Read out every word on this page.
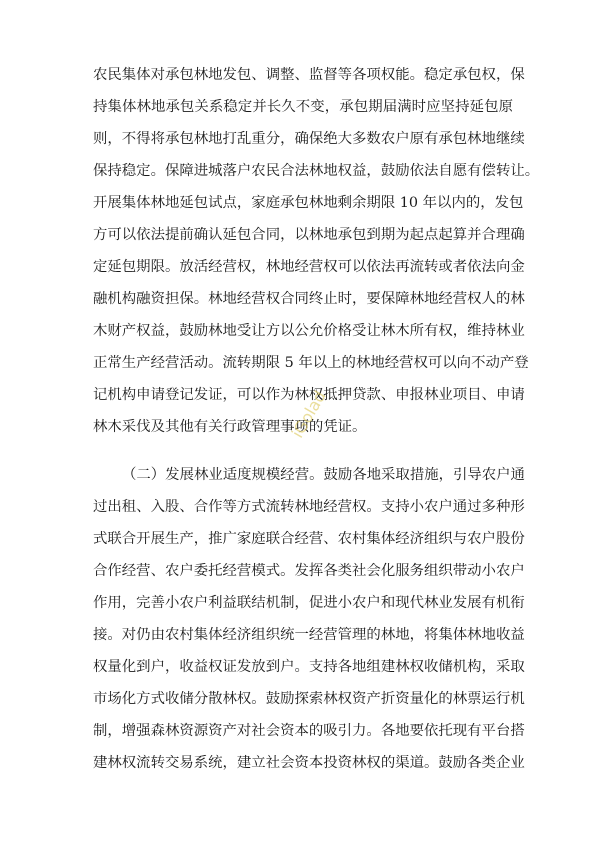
农民集体对承包林地发包、调整、监督等各项权能。稳定承包权，保
持集体林地承包关系稳定并长久不变，承包期届满时应坚持延包原
则，不得将承包林地打乱重分，确保绝大多数农户原有承包林地继续
保持稳定。保障进城落户农民合法林地权益，鼓励依法自愿有偿转让。
开展集体林地延包试点，家庭承包林地剩余期限 10 年以内的，发包
方可以依法提前确认延包合同，以林地承包到期为起点起算并合理确
定延包期限。放活经营权，林地经营权可以依法再流转或者依法向金
融机构融资担保。林地经营权合同终止时，要保障林地经营权人的林
木财产权益，鼓励林地受让方以公允价格受让林木所有权，维持林业
正常生产经营活动。流转期限 5 年以上的林地经营权可以向不动产登
记机构申请登记发证，可以作为林权抵押贷款、申报林业项目、申请
林木采伐及其他有关行政管理事项的凭证。
（二）发展林业适度规模经营。鼓励各地采取措施，引导农户通
过出租、入股、合作等方式流转林地经营权。支持小农户通过多种形
式联合开展生产，推广家庭联合经营、农村集体经济组织与农户股份
合作经营、农户委托经营模式。发挥各类社会化服务组织带动小农户
作用，完善小农户利益联结机制，促进小农户和现代林业发展有机衔
接。对仍由农村集体经济组织统一经营管理的林地，将集体林地收益
权量化到户，收益权证发放到户。支持各地组建林权收储机构，采取
市场化方式收储分散林权。鼓励探索林权资产折资量化的林票运行机
制，增强森林资源资产对社会资本的吸引力。各地要依托现有平台搭
建林权流转交易系统，建立社会资本投资林权的渠道。鼓励各类企业
iGolad
